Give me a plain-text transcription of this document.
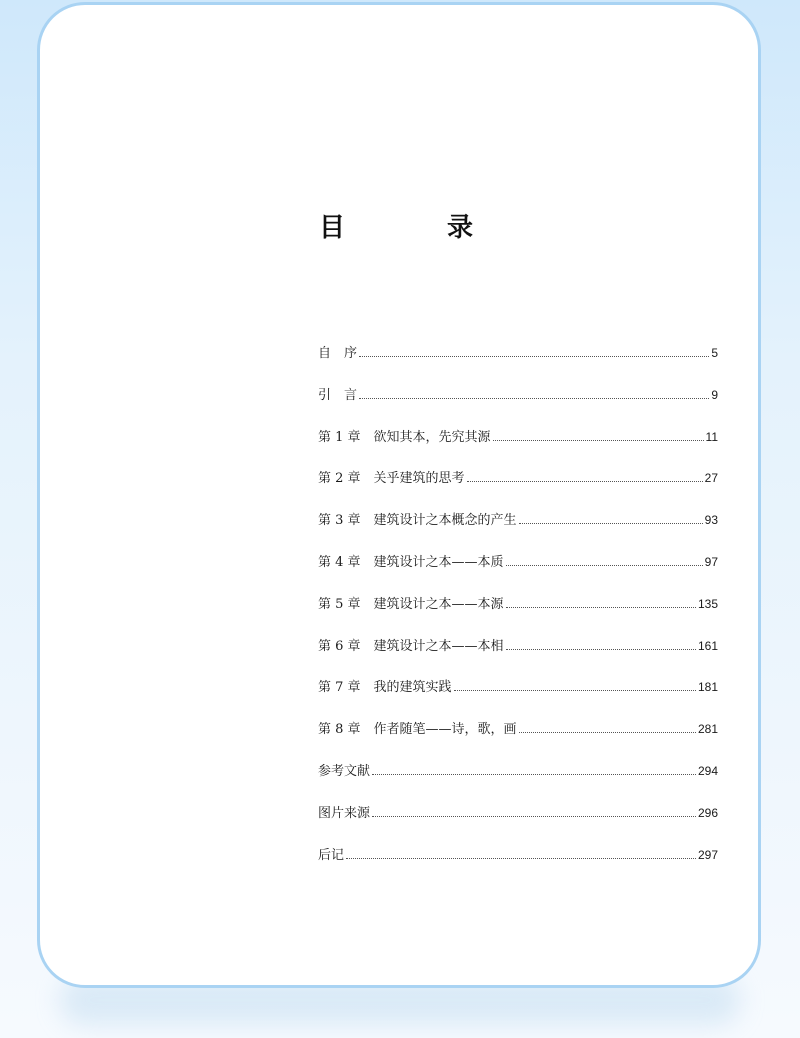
目　录
自　序	5
引　言	9
第 1 章　欲知其本，先究其源	11
第 2 章　关乎建筑的思考	27
第 3 章　建筑设计之本概念的产生	93
第 4 章　建筑设计之本——本质	97
第 5 章　建筑设计之本——本源	135
第 6 章　建筑设计之本——本相	161
第 7 章　我的建筑实践	181
第 8 章　作者随笔——诗，歌，画	281
参考文献	294
图片来源	296
后记	297
